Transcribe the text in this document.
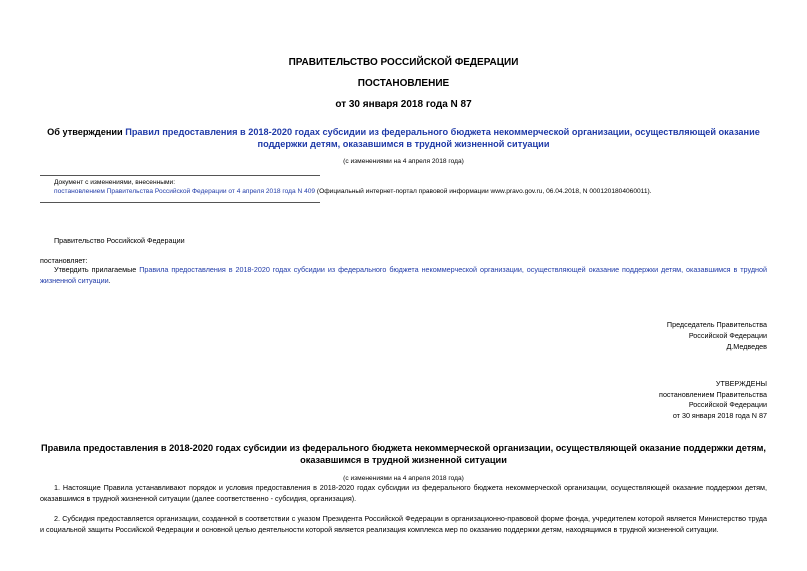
ПРАВИТЕЛЬСТВО РОССИЙСКОЙ ФЕДЕРАЦИИ
ПОСТАНОВЛЕНИЕ
от 30 января 2018 года N 87
Об утверждении Правил предоставления в 2018-2020 годах субсидии из федерального бюджета некоммерческой организации, осуществляющей оказание
поддержки детям, оказавшимся в трудной жизненной ситуации
(с изменениями на 4 апреля 2018 года)
Документ с изменениями, внесенными:
постановлением Правительства Российской Федерации от 4 апреля 2018 года N 409 (Официальный интернет-портал правовой информации www.pravo.gov.ru, 06.04.2018, N 0001201804060011).
Правительство Российской Федерации
постановляет:
Утвердить прилагаемые Правила предоставления в 2018-2020 годах субсидии из федерального бюджета некоммерческой организации, осуществляющей оказание поддержки детям, оказавшимся в трудной
жизненной ситуации.
Председатель Правительства
Российской Федерации
Д.Медведев
УТВЕРЖДЕНЫ
постановлением Правительства
Российской Федерации
от 30 января 2018 года N 87
Правила предоставления в 2018-2020 годах субсидии из федерального бюджета некоммерческой организации, осуществляющей оказание поддержки детям,
оказавшимся в трудной жизненной ситуации
(с изменениями на 4 апреля 2018 года)
1. Настоящие Правила устанавливают порядок и условия предоставления в 2018-2020 годах субсидии из федерального бюджета некоммерческой организации, осуществляющей оказание поддержки детям,
оказавшимся в трудной жизненной ситуации (далее соответственно - субсидия, организация).
2. Субсидия предоставляется организации, созданной в соответствии с указом Президента Российской Федерации в организационно-правовой форме фонда, учредителем которой является Министерство труда
и социальной защиты Российской Федерации и основной целью деятельности которой является реализация комплекса мер по оказанию поддержки детям, находящимся в трудной жизненной ситуации.
